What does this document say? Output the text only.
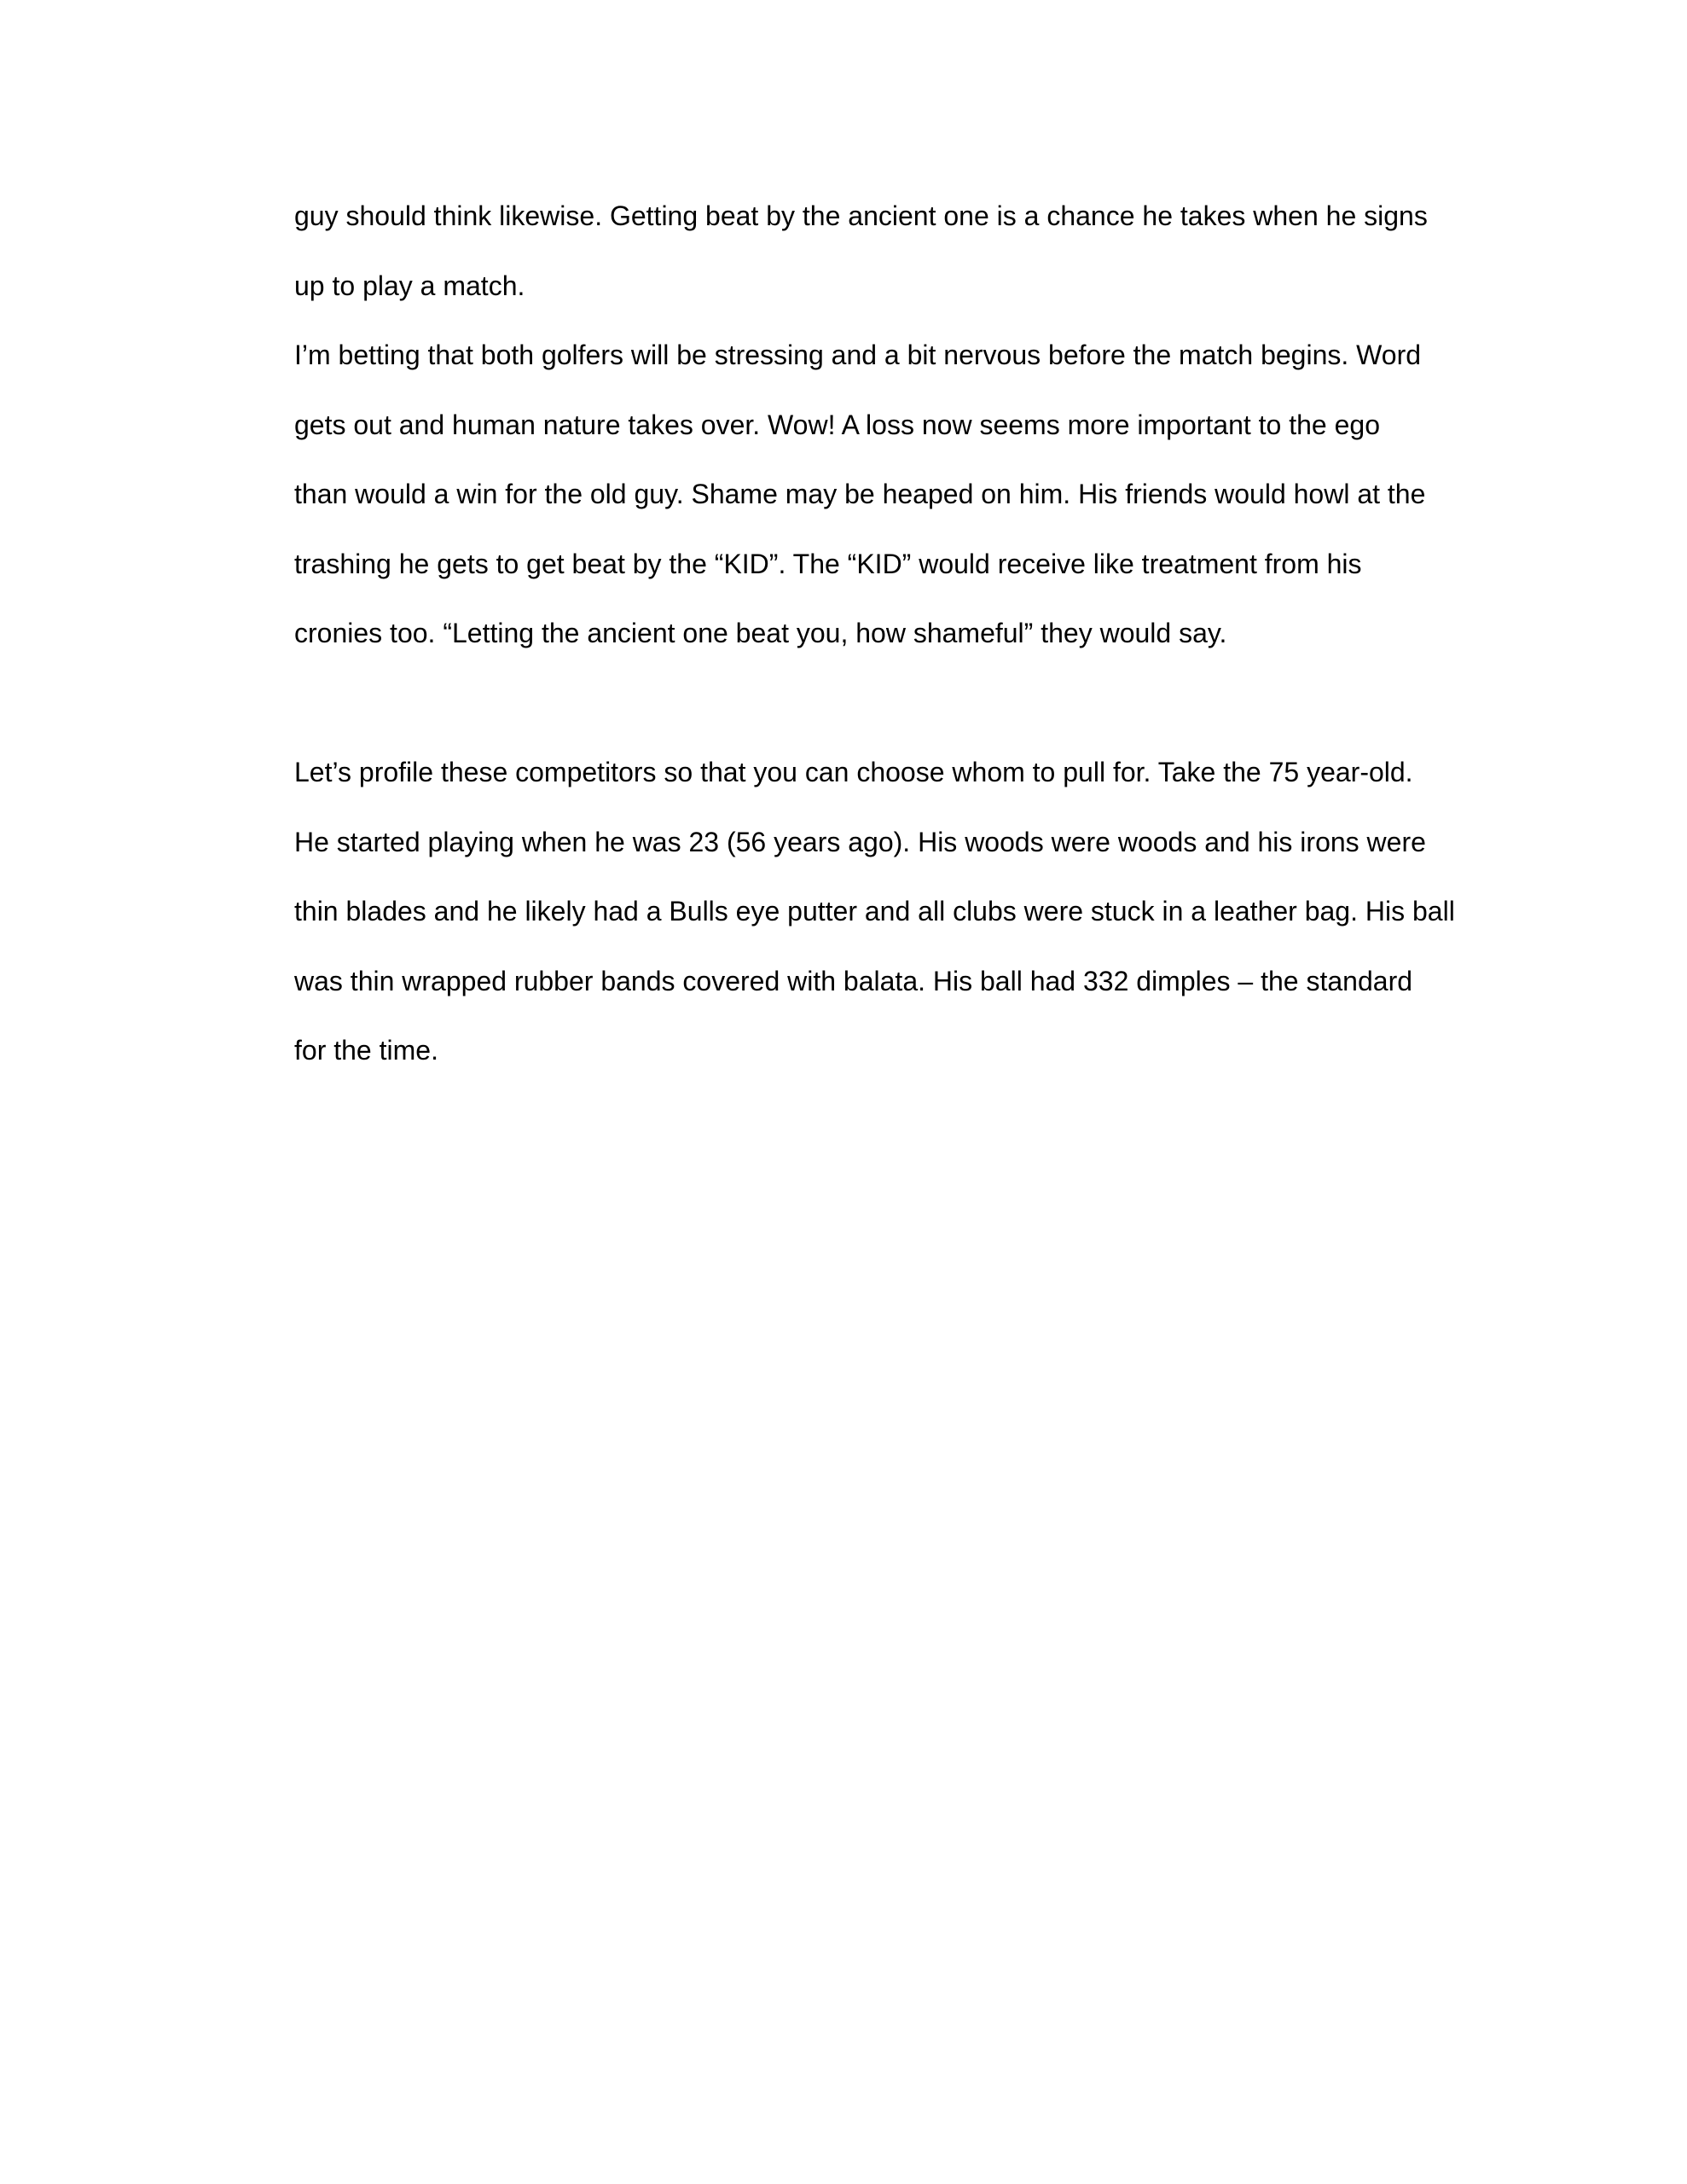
guy should think likewise. Getting beat by the ancient one is a chance he takes when he signs
up to play a match.
I’m betting that both golfers will be stressing and a bit nervous before the match begins. Word
gets out and human nature takes over. Wow! A loss now seems more important to the ego
than would a win for the old guy. Shame may be heaped on him. His friends would howl at the
trashing he gets to get beat by the “KID”. The “KID” would receive like treatment from his
cronies too. “Letting the ancient one beat you, how shameful” they would say.
Let’s profile these competitors so that you can choose whom to pull for. Take the 75 year-old.
He started playing when he was 23 (56 years ago). His woods were woods and his irons were
thin blades and he likely had a Bulls eye putter and all clubs were stuck in a leather bag. His ball
was thin wrapped rubber bands covered with balata. His ball had 332 dimples – the standard
for the time.
